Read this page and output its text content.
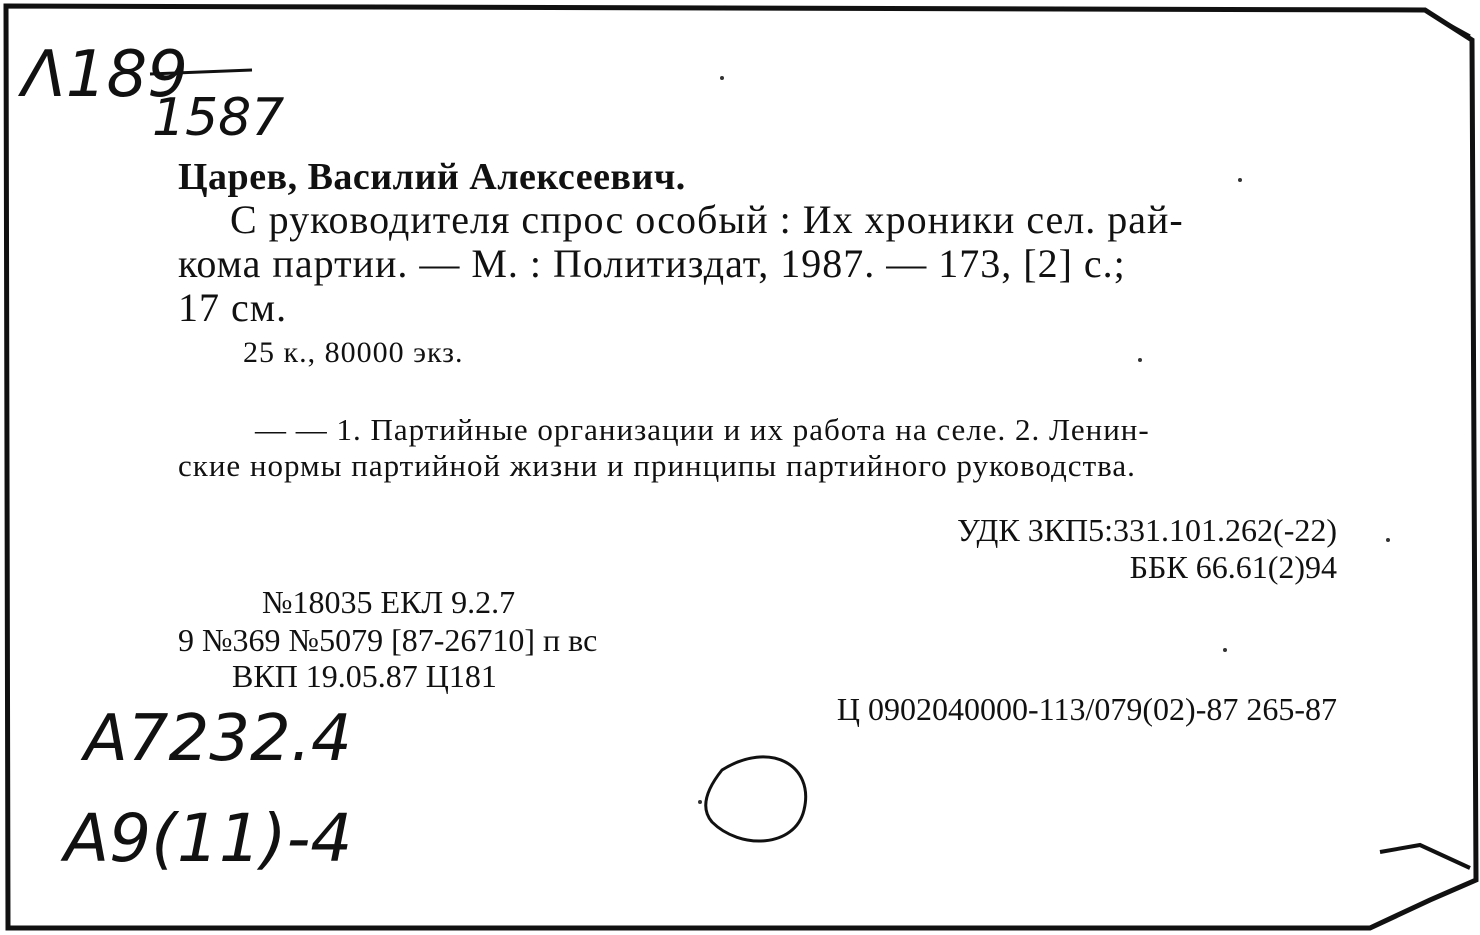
Λ189
1587
A7232.4
A9(11)-4
Царев, Василий Алексеевич.
С руководителя спрос особый : Их хроники сел. рай-
кома партии. — М. : Политиздат, 1987. — 173, [2] с.;
17 см.
25 к., 80000 экз.
— — 1. Партийные организации и их работа на селе. 2. Ленин-
ские нормы партийной жизни и принципы партийного руководства.
УДК 3КП5:331.101.262(-22)
ББК 66.61(2)94
№18035 ЕКЛ 9.2.7
9 №369 №5079 [87-26710] п вс
ВКП 19.05.87 Ц181
Ц 0902040000-113/079(02)-87 265-87
